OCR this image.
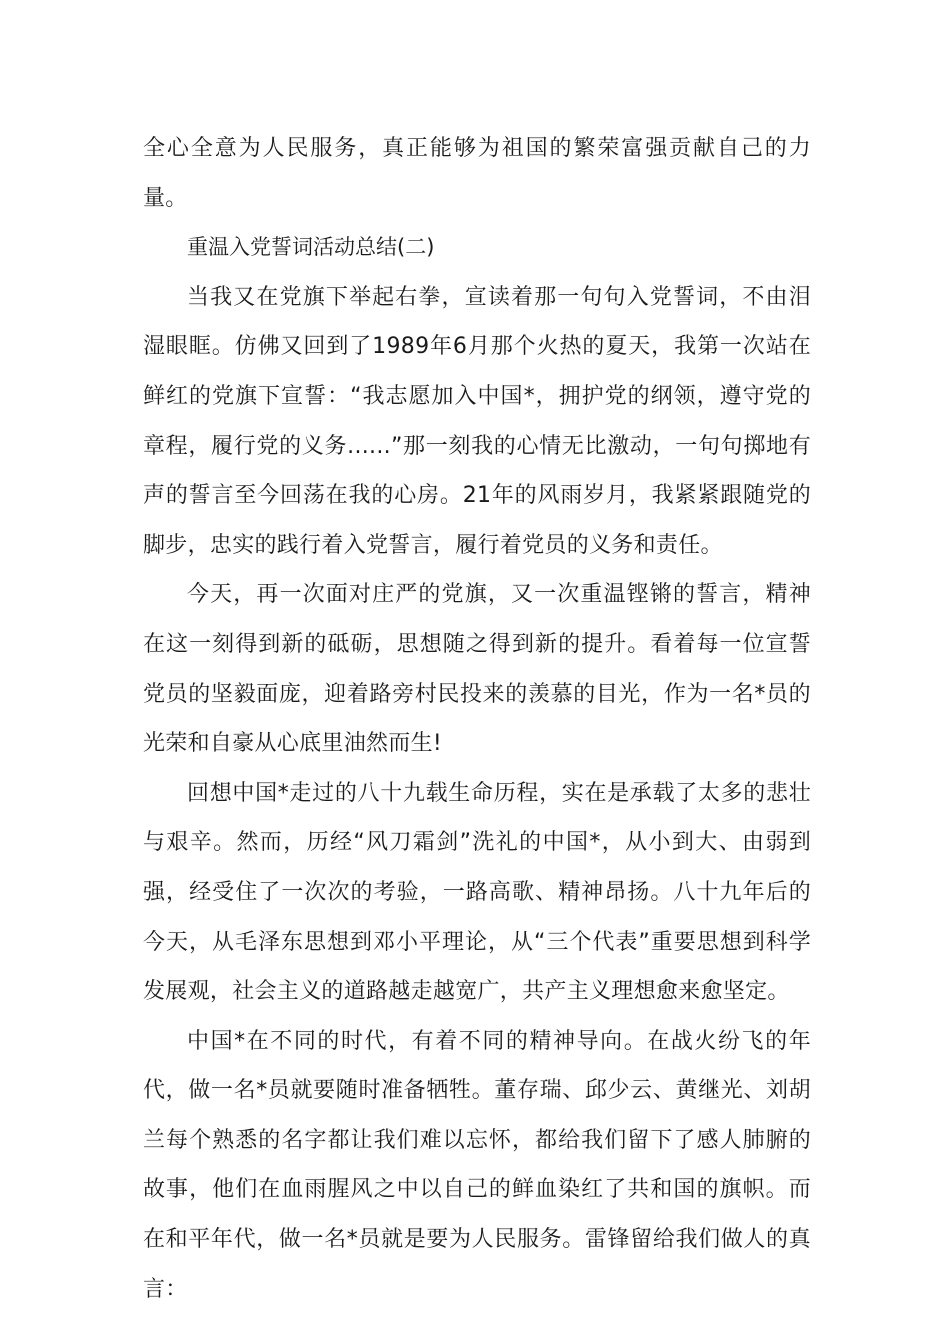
全心全意为人民服务，真正能够为祖国的繁荣富强贡献自己的力量。

重温入党誓词活动总结(二)

当我又在党旗下举起右拳，宣读着那一句句入党誓词，不由泪湿眼眶。仿佛又回到了1989年6月那个火热的夏天，我第一次站在鲜红的党旗下宣誓：“我志愿加入中国*，拥护党的纲领，遵守党的章程，履行党的义务......”那一刻我的心情无比激动，一句句掷地有声的誓言至今回荡在我的心房。21年的风雨岁月，我紧紧跟随党的脚步，忠实的践行着入党誓言，履行着党员的义务和责任。

今天，再一次面对庄严的党旗，又一次重温铿锵的誓言，精神在这一刻得到新的砥砺，思想随之得到新的提升。看着每一位宣誓党员的坚毅面庞，迎着路旁村民投来的羡慕的目光，作为一名*员的光荣和自豪从心底里油然而生!

回想中国*走过的八十九载生命历程，实在是承载了太多的悲壮与艰辛。然而，历经“风刀霜剑”洗礼的中国*，从小到大、由弱到强，经受住了一次次的考验，一路高歌、精神昂扬。八十九年后的今天，从毛泽东思想到邓小平理论，从“三个代表”重要思想到科学发展观，社会主义的道路越走越宽广，共产主义理想愈来愈坚定。

中国*在不同的时代，有着不同的精神导向。在战火纷飞的年代，做一名*员就要随时准备牺牲。董存瑞、邱少云、黄继光、刘胡兰每个熟悉的名字都让我们难以忘怀，都给我们留下了感人肺腑的故事，他们在血雨腥风之中以自己的鲜血染红了共和国的旗帜。而在和平年代，做一名*员就是要为人民服务。雷锋留给我们做人的真言：
